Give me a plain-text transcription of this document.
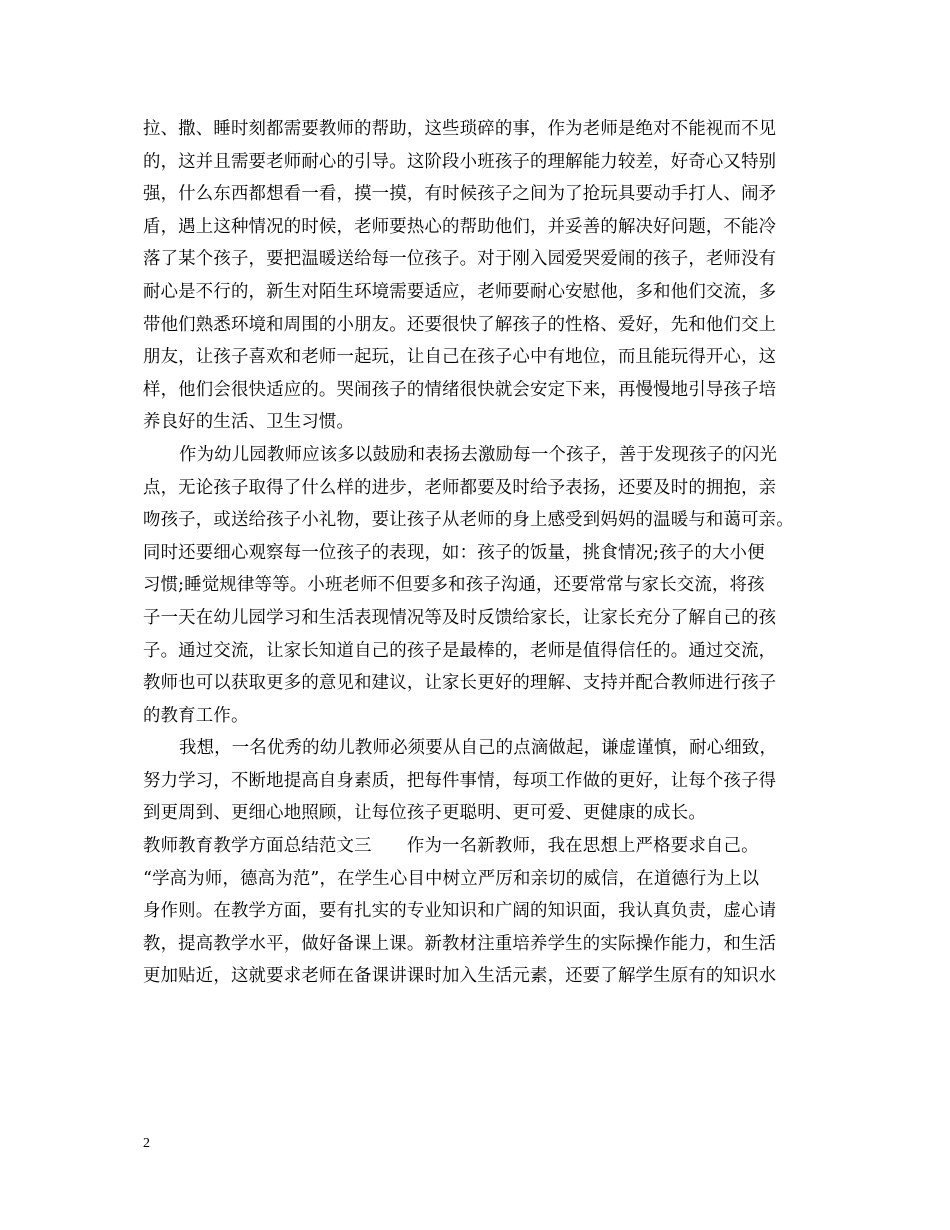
拉、撒、睡时刻都需要教师的帮助，这些琐碎的事，作为老师是绝对不能视而不见
的，这并且需要老师耐心的引导。这阶段小班孩子的理解能力较差，好奇心又特别
强，什么东西都想看一看，摸一摸，有时候孩子之间为了抢玩具要动手打人、闹矛
盾，遇上这种情况的时候，老师要热心的帮助他们，并妥善的解决好问题，不能冷
落了某个孩子，要把温暖送给每一位孩子。对于刚入园爱哭爱闹的孩子，老师没有
耐心是不行的，新生对陌生环境需要适应，老师要耐心安慰他，多和他们交流，多
带他们熟悉环境和周围的小朋友。还要很快了解孩子的性格、爱好，先和他们交上
朋友，让孩子喜欢和老师一起玩，让自己在孩子心中有地位，而且能玩得开心，这
样，他们会很快适应的。哭闹孩子的情绪很快就会安定下来，再慢慢地引导孩子培
养良好的生活、卫生习惯。
作为幼儿园教师应该多以鼓励和表扬去激励每一个孩子，善于发现孩子的闪光
点，无论孩子取得了什么样的进步，老师都要及时给予表扬，还要及时的拥抱，亲
吻孩子，或送给孩子小礼物，要让孩子从老师的身上感受到妈妈的温暖与和蔼可亲。
同时还要细心观察每一位孩子的表现，如：孩子的饭量，挑食情况;孩子的大小便
习惯;睡觉规律等等。小班老师不但要多和孩子沟通，还要常常与家长交流，将孩
子一天在幼儿园学习和生活表现情况等及时反馈给家长，让家长充分了解自己的孩
子。通过交流，让家长知道自己的孩子是最棒的，老师是值得信任的。通过交流，
教师也可以获取更多的意见和建议，让家长更好的理解、支持并配合教师进行孩子
的教育工作。
我想，一名优秀的幼儿教师必须要从自己的点滴做起，谦虚谨慎，耐心细致，
努力学习，不断地提高自身素质，把每件事情，每项工作做的更好，让每个孩子得
到更周到、更细心地照顾，让每位孩子更聪明、更可爱、更健康的成长。
教师教育教学方面总结范文三　　作为一名新教师，我在思想上严格要求自己。
“学高为师，德高为范”，在学生心目中树立严厉和亲切的威信，在道德行为上以
身作则。在教学方面，要有扎实的专业知识和广阔的知识面，我认真负责，虚心请
教，提高教学水平，做好备课上课。新教材注重培养学生的实际操作能力，和生活
更加贴近，这就要求老师在备课讲课时加入生活元素，还要了解学生原有的知识水
2
